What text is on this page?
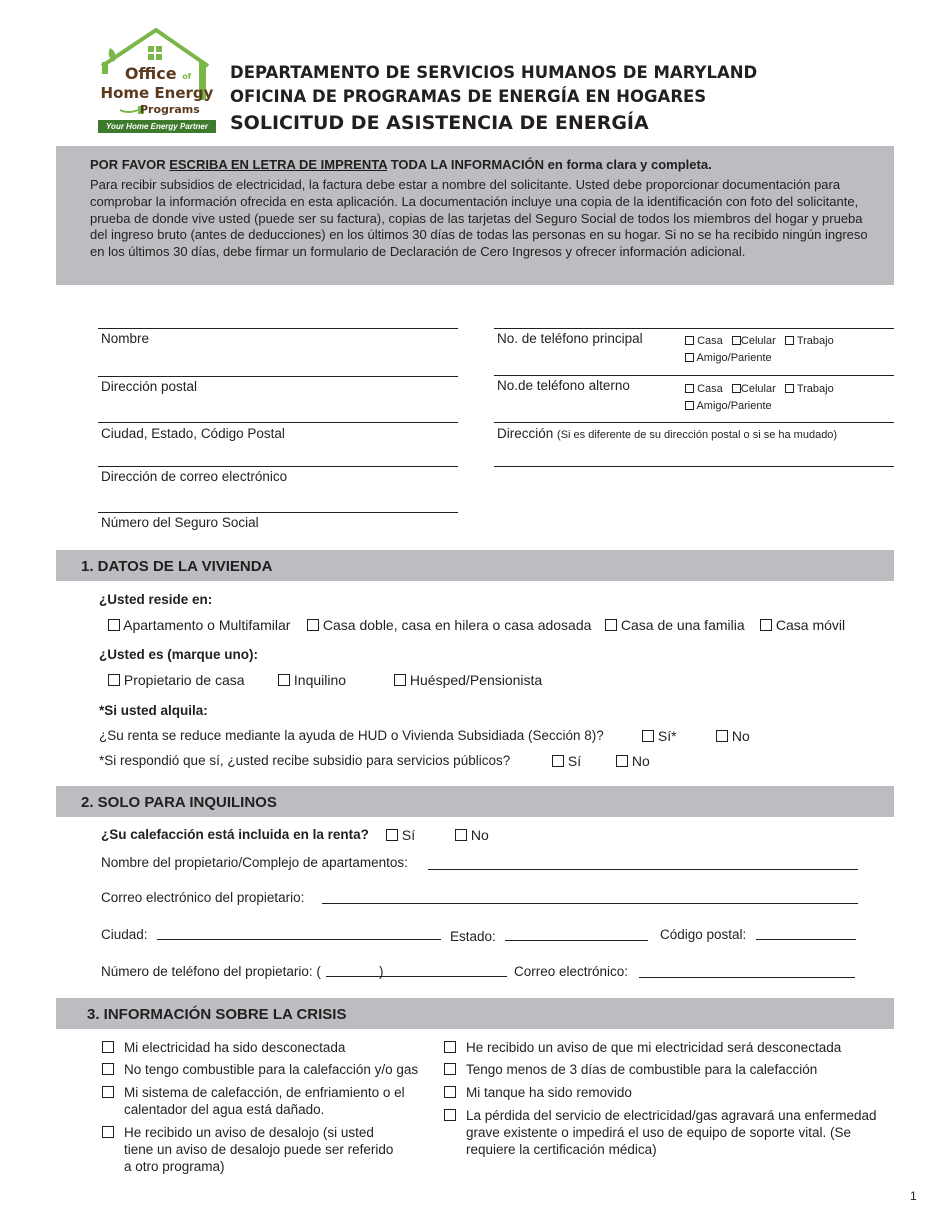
Office of
Home Energy
Programs
Your Home Energy Partner
DEPARTAMENTO DE SERVICIOS HUMANOS DE MARYLAND
OFICINA DE PROGRAMAS DE ENERGÍA EN HOGARES
SOLICITUD DE ASISTENCIA DE ENERGÍA
POR FAVOR ESCRIBA EN LETRA DE IMPRENTA TODA LA INFORMACIÓN en forma clara y completa.
Para recibir subsidios de electricidad, la factura debe estar a nombre del solicitante. Usted debe proporcionar documentación para comprobar la información ofrecida en esta aplicación. La documentación incluye una copia de la identificación con foto del solicitante, prueba de donde vive usted (puede ser su factura), copias de las tarjetas del Seguro Social de todos los miembros del hogar y prueba del ingreso bruto (antes de deducciones) en los últimos 30 días de todas las personas en su hogar. Si no se ha recibido ningún ingreso en los últimos 30 días, debe firmar un formulario de Declaración de Cero Ingresos y ofrecer información adicional.
Nombre
Dirección postal
Ciudad, Estado, Código Postal
Dirección de correo electrónico
Número del Seguro Social
No. de teléfono principal	Casa Celular Trabajo
Amigo/Pariente
No.de teléfono alterno	Casa Celular Trabajo
Amigo/Pariente
Dirección (Si es diferente de su dirección postal o si se ha mudado)
1. DATOS DE LA VIVIENDA
¿Usted reside en:
Apartamento o Multifamilar	Casa doble, casa en hilera o casa adosada	Casa de una familia	Casa móvil
¿Usted es (marque uno):
Propietario de casa	Inquilino	Huésped/Pensionista
*Si usted alquila:
¿Su renta se reduce mediante la ayuda de HUD o Vivienda Subsidiada (Sección 8)?	Sí*	No
*Si respondió que sí, ¿usted recibe subsidio para servicios públicos?	Sí	No
2. SOLO PARA INQUILINOS
¿Su calefacción está incluida en la renta?	Sí	No
Nombre del propietario/Complejo de apartamentos:
Correo electrónico del propietario:
Ciudad:	Estado:	Código postal:
Número de teléfono del propietario: (	)	Correo electrónico:
3. INFORMACIÓN SOBRE LA CRISIS
Mi electricidad ha sido desconectada
No tengo combustible para la calefacción y/o gas
Mi sistema de calefacción, de enfriamiento o el calentador del agua está dañado.
He recibido un aviso de desalojo (si usted tiene un aviso de desalojo puede ser referido a otro programa)
He recibido un aviso de que mi electricidad será desconectada
Tengo menos de 3 días de combustible para la calefacción
Mi tanque ha sido removido
La pérdida del servicio de electricidad/gas agravará una enfermedad grave existente o impedirá el uso de equipo de soporte vital. (Se requiere la certificación médica)
1
